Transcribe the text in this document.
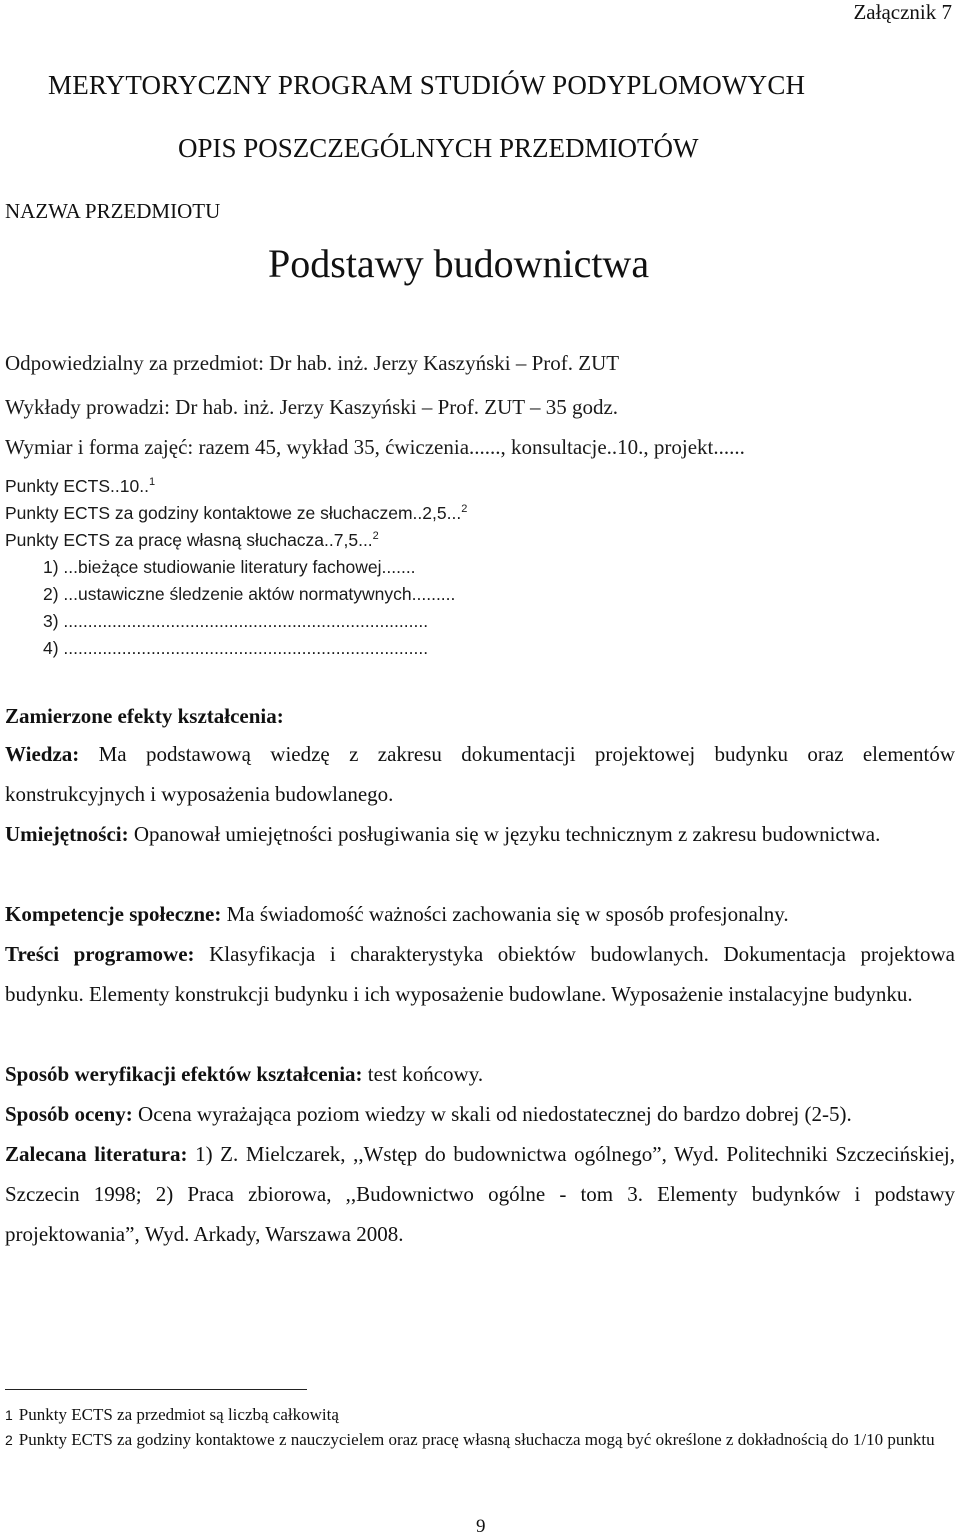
Załącznik 7
MERYTORYCZNY PROGRAM STUDIÓW PODYPLOMOWYCH
OPIS POSZCZEGÓLNYCH PRZEDMIOTÓW
NAZWA PRZEDMIOTU
Podstawy budownictwa
Odpowiedzialny za przedmiot: Dr hab. inż. Jerzy Kaszyński – Prof. ZUT
Wykłady prowadzi: Dr hab. inż. Jerzy Kaszyński – Prof. ZUT – 35 godz.
Wymiar i forma zajęć: razem 45, wykład 35, ćwiczenia......, konsultacje..10., projekt......
Punkty ECTS..10..$^1$
Punkty ECTS za godziny kontaktowe ze słuchaczem..2,5...$^2$
Punkty ECTS za pracę własną słuchacza..7,5...$^2$
1) ...bieżące studiowanie literatury fachowej.......
2) ...ustawiczne śledzenie aktów normatywnych.........
3) ...........................................................................
4) ...........................................................................
Zamierzone efekty kształcenia:
Wiedza: Ma podstawową wiedzę z zakresu dokumentacji projektowej budynku oraz elementów konstrukcyjnych i wyposażenia budowlanego.
Umiejętności: Opanował umiejętności posługiwania się w języku technicznym z zakresu budownictwa.
Kompetencje społeczne: Ma świadomość ważności zachowania się w sposób profesjonalny.
Treści programowe: Klasyfikacja i charakterystyka obiektów budowlanych. Dokumentacja projektowa budynku. Elementy konstrukcji budynku i ich wyposażenie budowlane. Wyposażenie instalacyjne budynku.
Sposób weryfikacji efektów kształcenia: test końcowy.
Sposób oceny: Ocena wyrażająca poziom wiedzy w skali od niedostatecznej do bardzo dobrej (2-5).
Zalecana literatura: 1) Z. Mielczarek, ,,Wstęp do budownictwa ogólnego”, Wyd. Politechniki Szczecińskiej, Szczecin 1998; 2) Praca zbiorowa, ,,Budownictwo ogólne - tom 3. Elementy budynków i podstawy projektowania”, Wyd. Arkady, Warszawa 2008.
1 Punkty ECTS za przedmiot są liczbą całkowitą
2 Punkty ECTS za godziny kontaktowe z nauczycielem oraz pracę własną słuchacza mogą być określone z dokładnością do 1/10 punktu
9
